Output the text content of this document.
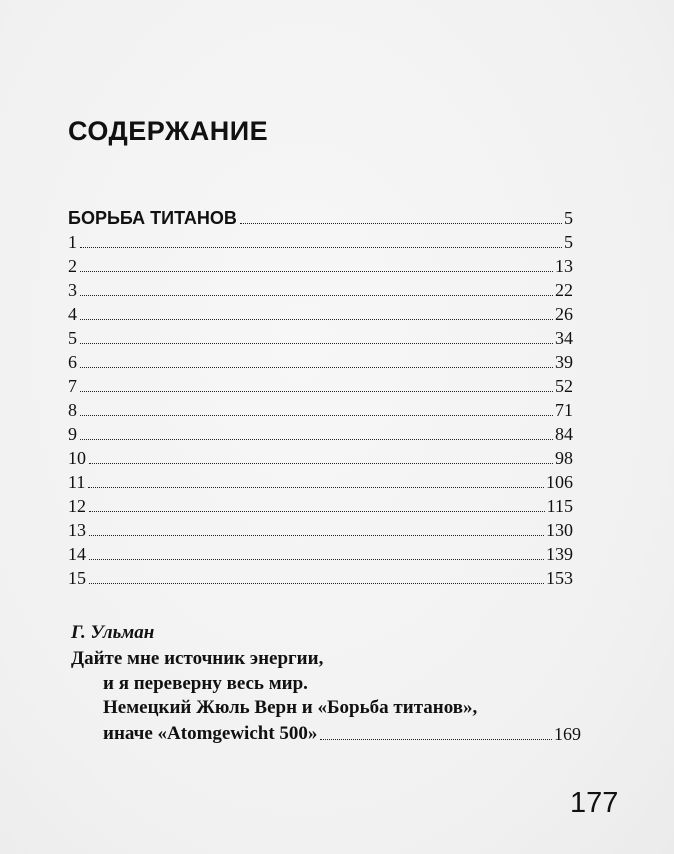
СОДЕРЖАНИЕ
БОРЬБА ТИТАНОВ	5
1	5
2	13
3	22
4	26
5	34
6	39
7	52
8	71
9	84
10	98
11	106
12	115
13	130
14	139
15	153
Г. Ульман
Дайте мне источник энергии,
и я переверну весь мир.
Немецкий Жюль Верн и «Борьба титанов»,
иначе «Atomgewicht 500»	169
177
